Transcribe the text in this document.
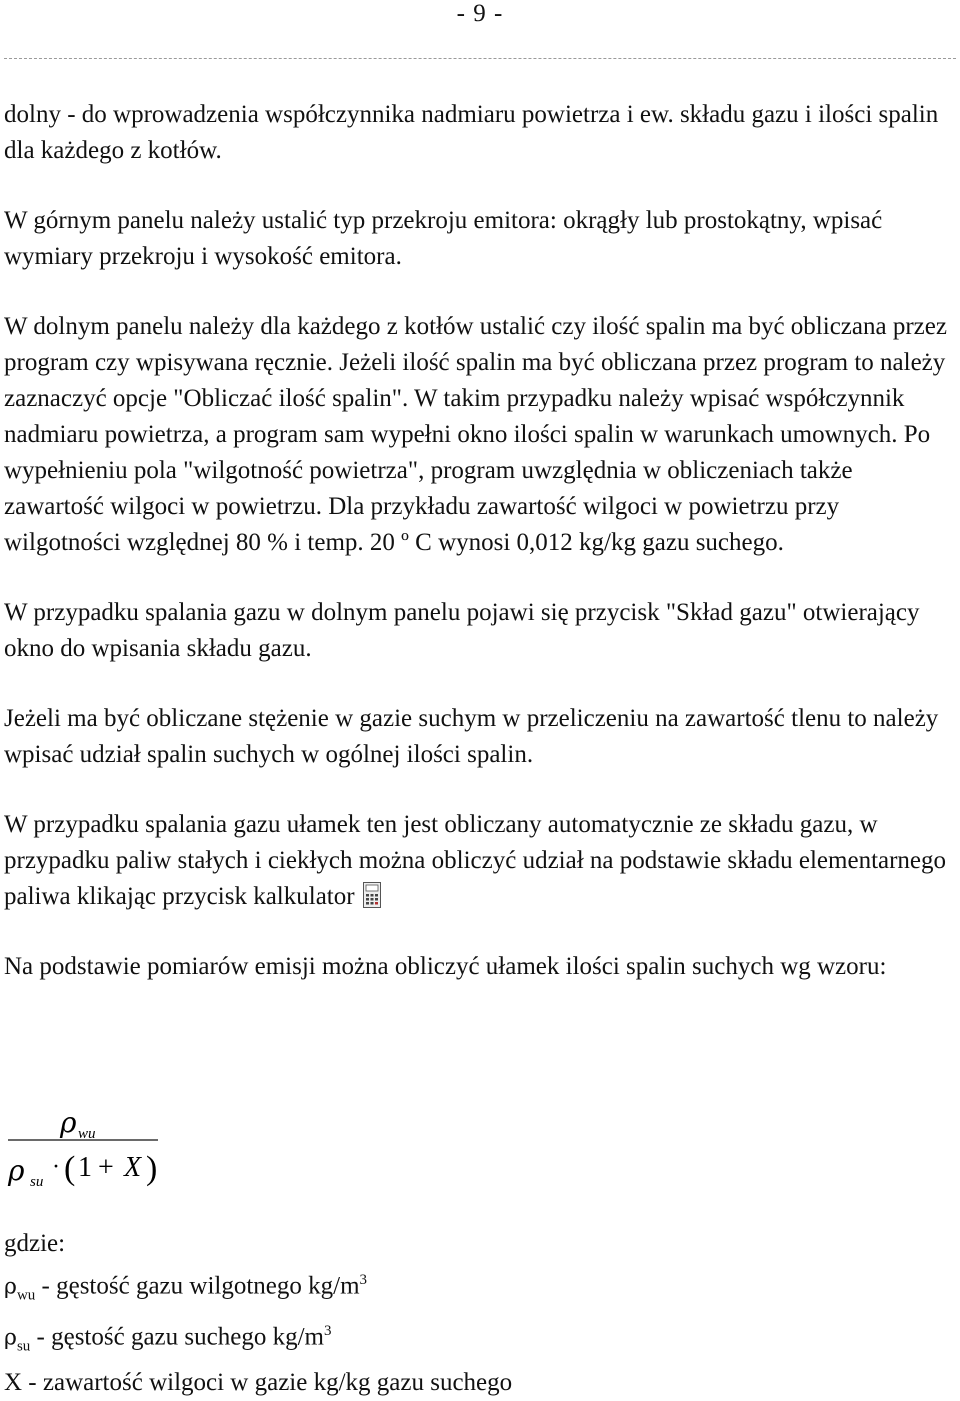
- 9 -

dolny - do wprowadzenia współczynnika nadmiaru powietrza i ew. składu gazu i ilości spalin dla każdego z kotłów.

W górnym panelu należy ustalić typ przekroju emitora: okrągły lub prostokątny, wpisać wymiary przekroju i wysokość emitora.

W dolnym panelu należy dla każdego z kotłów ustalić czy ilość spalin ma być obliczana przez program czy wpisywana ręcznie. Jeżeli ilość spalin ma być obliczana przez program to należy zaznaczyć opcje "Obliczać ilość spalin". W takim przypadku należy wpisać współczynnik nadmiaru powietrza, a program sam wypełni okno ilości spalin w warunkach umownych. Po wypełnieniu pola "wilgotność powietrza", program uwzględnia w obliczeniach także zawartość wilgoci w powietrzu. Dla przykładu zawartość wilgoci w powietrzu przy wilgotności względnej 80 % i temp. 20 º C wynosi 0,012 kg/kg gazu suchego.

W przypadku spalania gazu w dolnym panelu pojawi się przycisk "Skład gazu" otwierający okno do wpisania składu gazu.

Jeżeli ma być obliczane stężenie w gazie suchym w przeliczeniu na zawartość tlenu to należy wpisać udział spalin suchych w ogólnej ilości spalin.

W przypadku spalania gazu ułamek ten jest obliczany automatycznie ze składu gazu, w przypadku paliw stałych i ciekłych można obliczyć udział na podstawie składu elementarnego paliwa klikając przycisk kalkulator

Na podstawie pomiarów emisji można obliczyć ułamek ilości spalin suchych wg wzoru:

ρ wu
ρ su
· ( 1 + X )
gdzie:
$\rho_{wu}$ - gęstość gazu wilgotnego $kg/m^3$
$\rho_{su}$ - gęstość gazu suchego $kg/m^3$
X - zawartość wilgoci w gazie kg/kg gazu suchego
